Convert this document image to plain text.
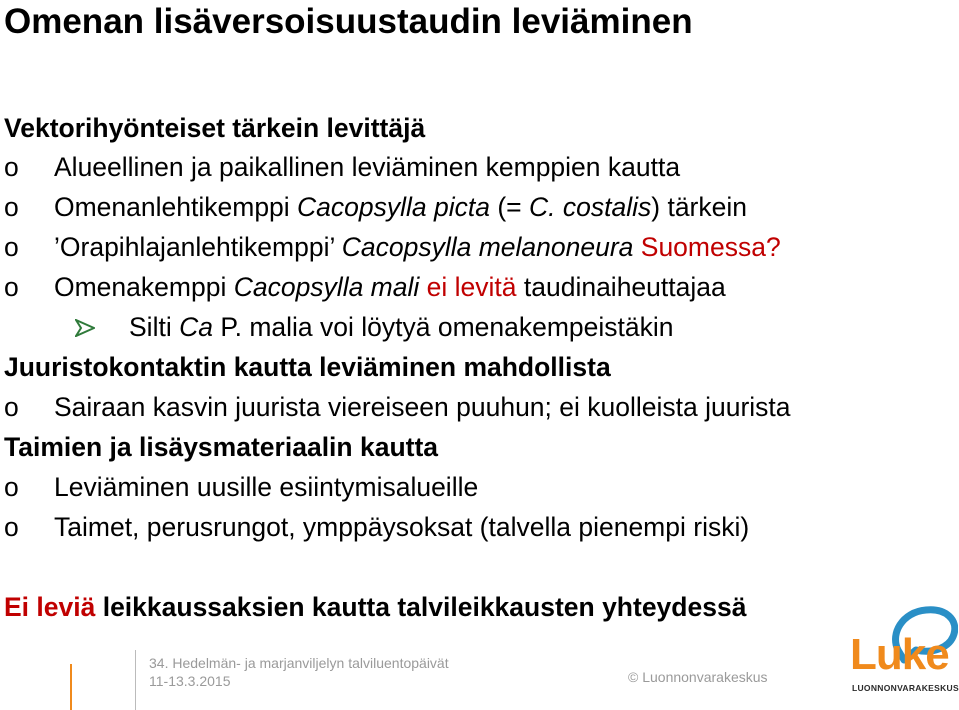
Omenan lisäversoisuustaudin leviäminen
Vektorihyönteiset tärkein levittäjä
o Alueellinen ja paikallinen leviäminen kemppien kautta
o Omenanlehtikemppi Cacopsylla picta (= C. costalis) tärkein
o ’Orapihlajanlehtikemppi’ Cacopsylla melanoneura Suomessa?
o Omenakemppi Cacopsylla mali ei levitä taudinaiheuttajaa
Silti Ca P. malia voi löytyä omenakempeistäkin
Juuristokontaktin kautta leviäminen mahdollista
o Sairaan kasvin juurista viereiseen puuhun; ei kuolleista juurista
Taimien ja lisäysmateriaalin kautta
o Leviäminen uusille esiintymisalueille
o Taimet, perusrungot, ymppäysoksat (talvella pienempi riski)
Ei leviä leikkaussaksien kautta talvileikkausten yhteydessä
34. Hedelmän- ja marjanviljelyn talviluentopäivät
11-13.3.2015	© Luonnonvarakeskus Luke
LUONNONVARAKESKUS
